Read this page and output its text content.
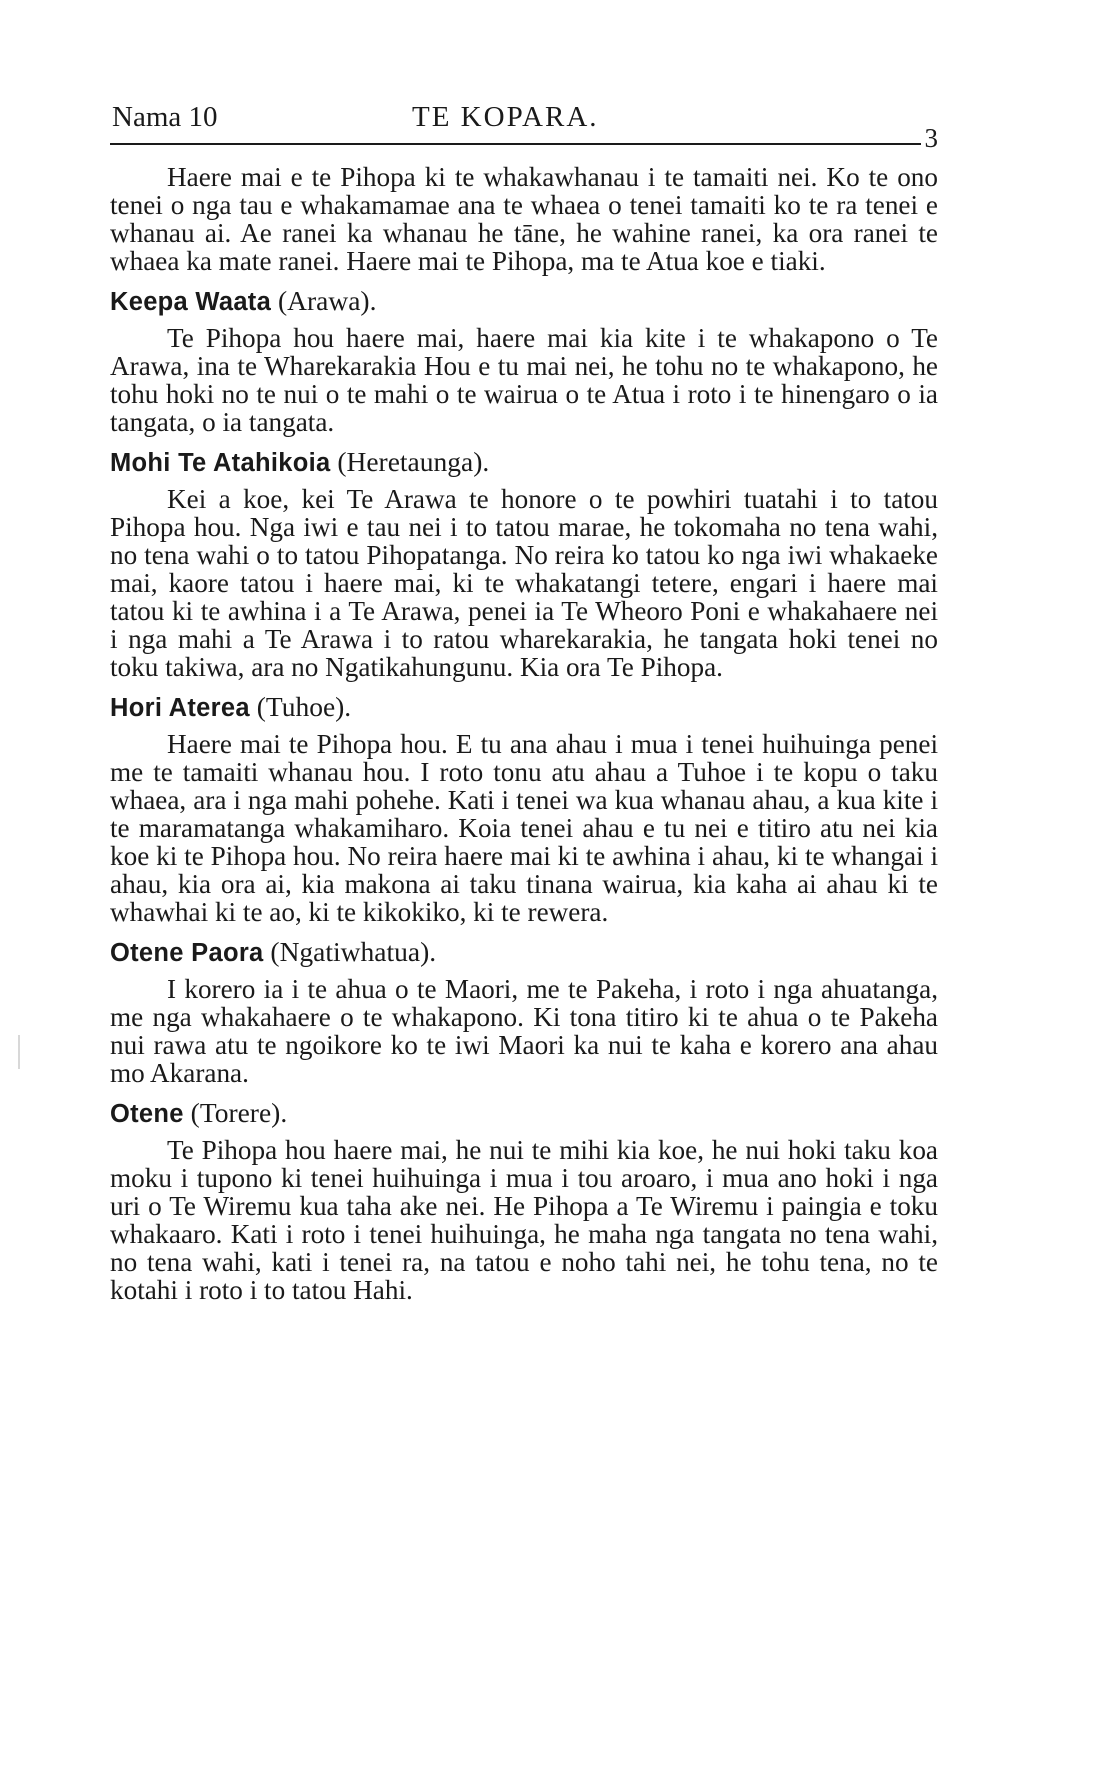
Nama 10	TE KOPARA.
3

Haere mai e te Pihopa ki te whakawhanau i te tamaiti nei. Ko te ono tenei o nga tau e whakamamae ana te whaea o tenei tamaiti ko te ra tenei e whanau ai. Ae ranei ka whanau he tāne, he wahine ranei, ka ora ranei te whaea ka mate ranei. Haere mai te Pihopa, ma te Atua koe e tiaki.

Keepa Waata (Arawa).

Te Pihopa hou haere mai, haere mai kia kite i te whakapono o Te Arawa, ina te Wharekarakia Hou e tu mai nei, he tohu no te whakapono, he tohu hoki no te nui o te mahi o te wairua o te Atua i roto i te hinengaro o ia tangata, o ia tangata.

Mohi Te Atahikoia (Heretaunga).

Kei a koe, kei Te Arawa te honore o te powhiri tuatahi i to tatou Pihopa hou. Nga iwi e tau nei i to tatou marae, he tokomaha no tena wahi, no tena wahi o to tatou Pihopatanga. No reira ko tatou ko nga iwi whakaeke mai, kaore tatou i haere mai, ki te whakatangi tetere, engari i haere mai tatou ki te awhina i a Te Arawa, penei ia Te Wheoro Poni e whakahaere nei i nga mahi a Te Arawa i to ratou wharekarakia, he tangata hoki tenei no toku takiwa, ara no Ngatikahungunu. Kia ora Te Pihopa.

Hori Aterea (Tuhoe).

Haere mai te Pihopa hou. E tu ana ahau i mua i tenei huihuinga penei me te tamaiti whanau hou. I roto tonu atu ahau a Tuhoe i te kopu o taku whaea, ara i nga mahi pohehe. Kati i tenei wa kua whanau ahau, a kua kite i te maramatanga whakamiharo. Koia tenei ahau e tu nei e titiro atu nei kia koe ki te Pihopa hou. No reira haere mai ki te awhina i ahau, ki te whangai i ahau, kia ora ai, kia makona ai taku tinana wairua, kia kaha ai ahau ki te whawhai ki te ao, ki te kikokiko, ki te rewera.

Otene Paora (Ngatiwhatua).

I korero ia i te ahua o te Maori, me te Pakeha, i roto i nga ahuatanga, me nga whakahaere o te whakapono. Ki tona titiro ki te ahua o te Pakeha nui rawa atu te ngoikore ko te iwi Maori ka nui te kaha e korero ana ahau mo Akarana.

Otene (Torere).

Te Pihopa hou haere mai, he nui te mihi kia koe, he nui hoki taku koa moku i tupono ki tenei huihuinga i mua i tou aroaro, i mua ano hoki i nga uri o Te Wiremu kua taha ake nei. He Pihopa a Te Wiremu i paingia e toku whakaaro. Kati i roto i tenei huihuinga, he maha nga tangata no tena wahi, no tena wahi, kati i tenei ra, na tatou e noho tahi nei, he tohu tena, no te kotahi i roto i to tatou Hahi.
